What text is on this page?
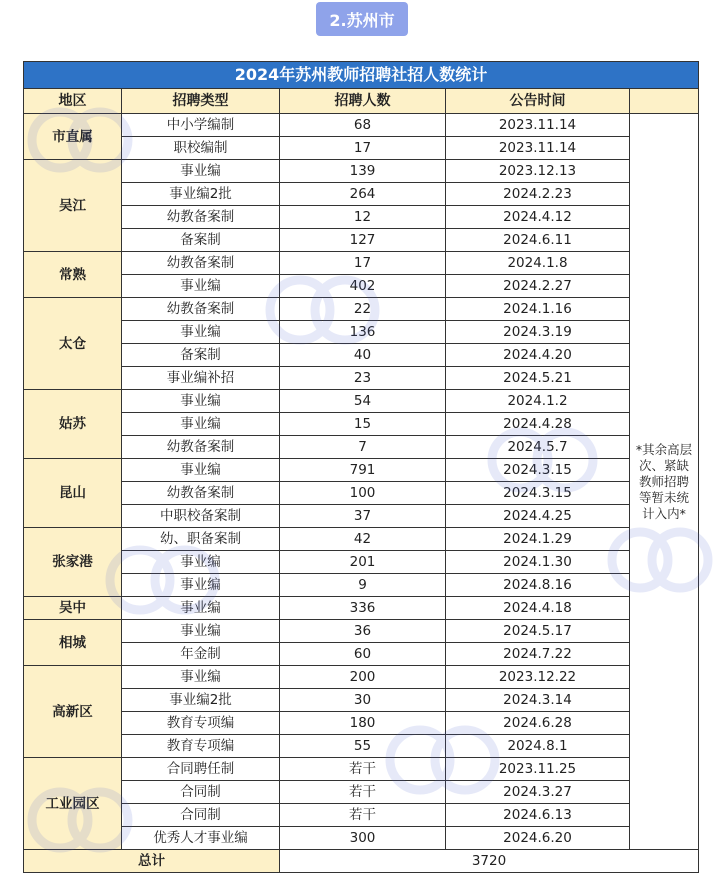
2.苏州市
2024年苏州教师招聘社招人数统计				
地区	招聘类型	招聘人数	公告时间	
市直属	中小学编制	68	2023.11.14	*其余高层次、紧缺教师招聘等暂未统计入内*
	职校编制	17	2023.11.14	
吴江	事业编	139	2023.12.13	
	事业编2批	264	2024.2.23	
	幼教备案制	12	2024.4.12	
	备案制	127	2024.6.11	
常熟	幼教备案制	17	2024.1.8	
	事业编	402	2024.2.27	
太仓	幼教备案制	22	2024.1.16	
	事业编	136	2024.3.19	
	备案制	40	2024.4.20	
	事业编补招	23	2024.5.21	
姑苏	事业编	54	2024.1.2	
	事业编	15	2024.4.28	
	幼教备案制	7	2024.5.7	
昆山	事业编	791	2024.3.15	
	幼教备案制	100	2024.3.15	
	中职校备案制	37	2024.4.25	
张家港	幼、职备案制	42	2024.1.29	
	事业编	201	2024.1.30	
	事业编	9	2024.8.16	
吴中	事业编	336	2024.4.18	
相城	事业编	36	2024.5.17	
	年金制	60	2024.7.22	
高新区	事业编	200	2023.12.22	
	事业编2批	30	2024.3.14	
	教育专项编	180	2024.6.28	
	教育专项编	55	2024.8.1	
工业园区	合同聘任制	若干	2023.11.25	
	合同制	若干	2024.3.27	
	合同制	若干	2024.6.13	
	优秀人才事业编	300	2024.6.20	
总计		3720		
